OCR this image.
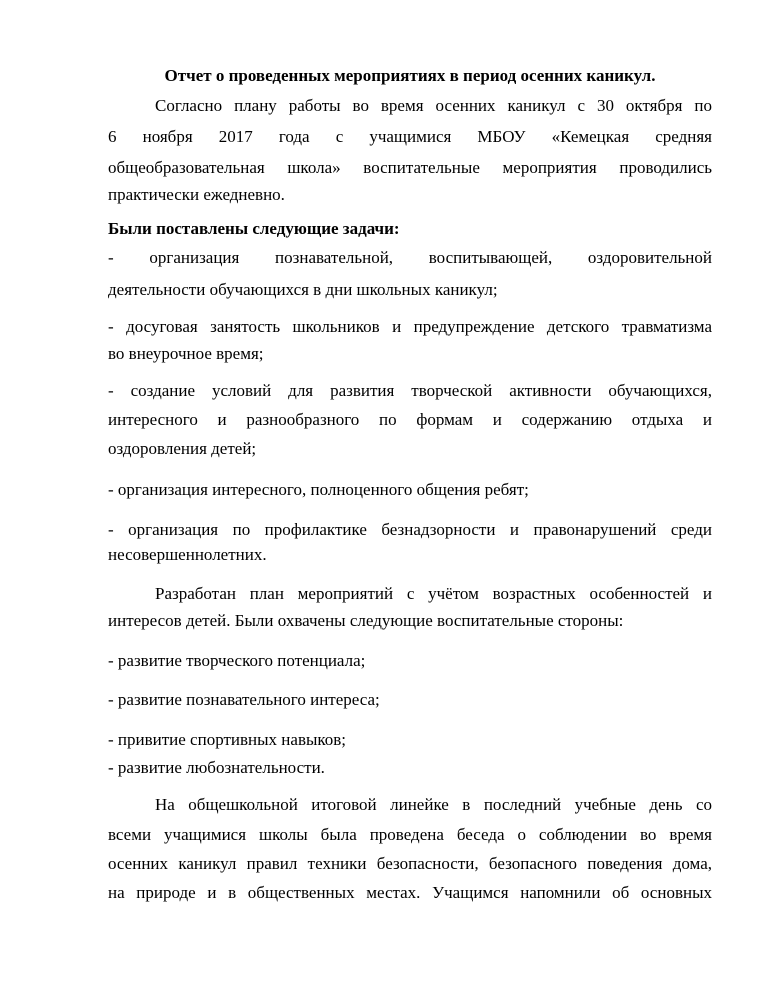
Отчет о проведенных мероприятиях в период осенних каникул.
Согласно плану работы во время осенних каникул с 30 октября по
6 ноября 2017 года с учащимися МБОУ «Кемецкая средняя
общеобразовательная школа» воспитательные мероприятия проводились
практически ежедневно.
Были поставлены следующие задачи:
- организация познавательной, воспитывающей, оздоровительной
деятельности обучающихся в дни школьных каникул;
- досуговая занятость школьников и предупреждение детского травматизма
во внеурочное время;
- создание условий для развития творческой активности обучающихся,
интересного и разнообразного по формам и содержанию отдыха и
оздоровления детей;
- организация интересного, полноценного общения ребят;
- организация по профилактике безнадзорности и правонарушений среди
несовершеннолетних.
Разработан план мероприятий с учётом возрастных особенностей и
интересов детей. Были охвачены следующие воспитательные стороны:
- развитие творческого потенциала;
- развитие познавательного интереса;
- привитие спортивных навыков;
- развитие любознательности.
На общешкольной итоговой линейке в последний учебные день со
всеми учащимися школы была проведена беседа о соблюдении во время
осенних каникул правил техники безопасности, безопасного поведения дома,
на природе и в общественных местах. Учащимся напомнили об основных
